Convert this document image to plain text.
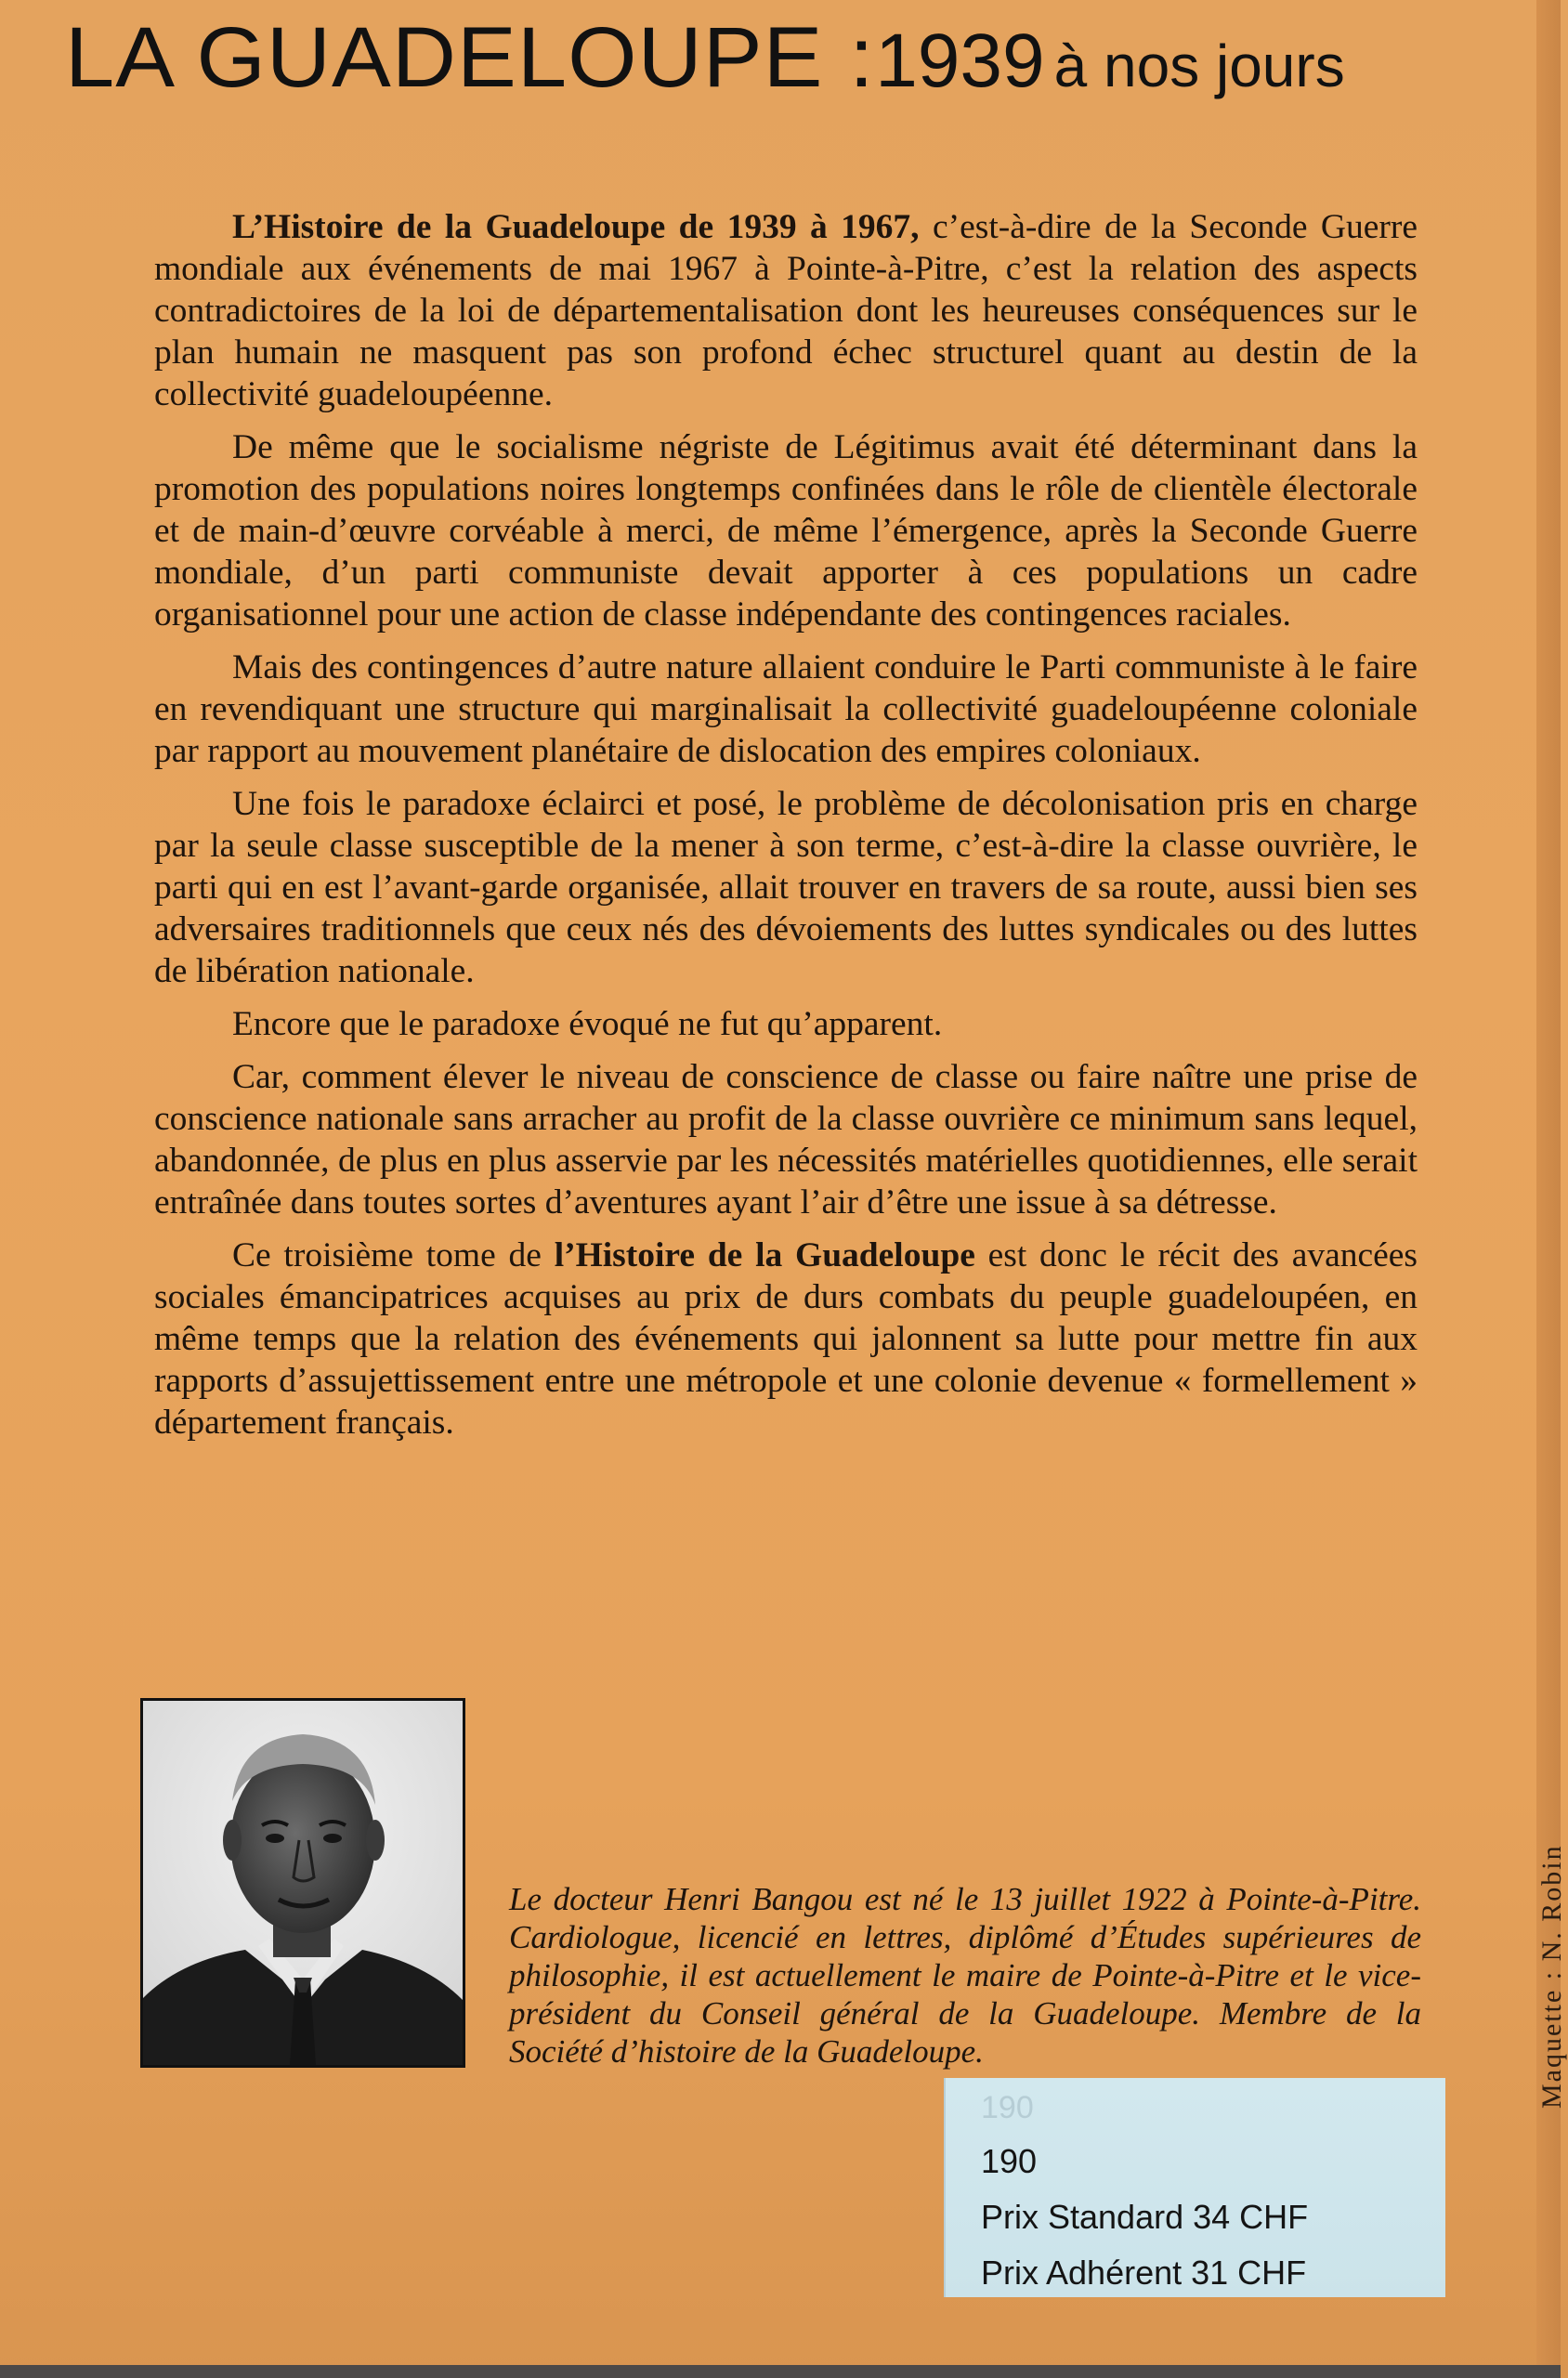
LA GUADELOUPE :1939 à nos jours

L’Histoire de la Guadeloupe de 1939 à 1967, c’est-à-dire de la Seconde Guerre mondiale aux événements de mai 1967 à Pointe-à-Pitre, c’est la relation des aspects contradictoires de la loi de départementalisation dont les heureuses conséquences sur le plan humain ne masquent pas son profond échec structurel quant au destin de la collectivité guadeloupéenne.

De même que le socialisme négriste de Légitimus avait été déterminant dans la promotion des populations noires longtemps confinées dans le rôle de clientèle électorale et de main-d’œuvre corvéable à merci, de même l’émergence, après la Seconde Guerre mondiale, d’un parti communiste devait apporter à ces populations un cadre organisationnel pour une action de classe indépendante des contingences raciales.

Mais des contingences d’autre nature allaient conduire le Parti communiste à le faire en revendiquant une structure qui marginalisait la collectivité guadeloupéenne coloniale par rapport au mouvement planétaire de dislocation des empires coloniaux.

Une fois le paradoxe éclairci et posé, le problème de décolonisation pris en charge par la seule classe susceptible de la mener à son terme, c’est-à-dire la classe ouvrière, le parti qui en est l’avant-garde organisée, allait trouver en travers de sa route, aussi bien ses adversaires traditionnels que ceux nés des dévoiements des luttes syndicales ou des luttes de libération nationale.

Encore que le paradoxe évoqué ne fut qu’apparent.

Car, comment élever le niveau de conscience de classe ou faire naître une prise de conscience nationale sans arracher au profit de la classe ouvrière ce minimum sans lequel, abandonnée, de plus en plus asservie par les nécessités matérielles quotidiennes, elle serait entraînée dans toutes sortes d’aventures ayant l’air d’être une issue à sa détresse.

Ce troisième tome de l’Histoire de la Guadeloupe est donc le récit des avancées sociales émancipatrices acquises au prix de durs combats du peuple guadeloupéen, en même temps que la relation des événements qui jalonnent sa lutte pour mettre fin aux rapports d’assujettissement entre une métropole et une colonie devenue « formellement » département français.

Le docteur Henri Bangou est né le 13 juillet 1922 à Pointe-à-Pitre. Cardiologue, licencié en lettres, diplômé d’Études supérieures de philosophie, il est actuellement le maire de Pointe-à-Pitre et le vice-président du Conseil général de la Guadeloupe. Membre de la Société d’histoire de la Guadeloupe.	Maquette : N. Robin
190
190
Prix Standard 34 CHF
Prix Adhérent 31 CHF
